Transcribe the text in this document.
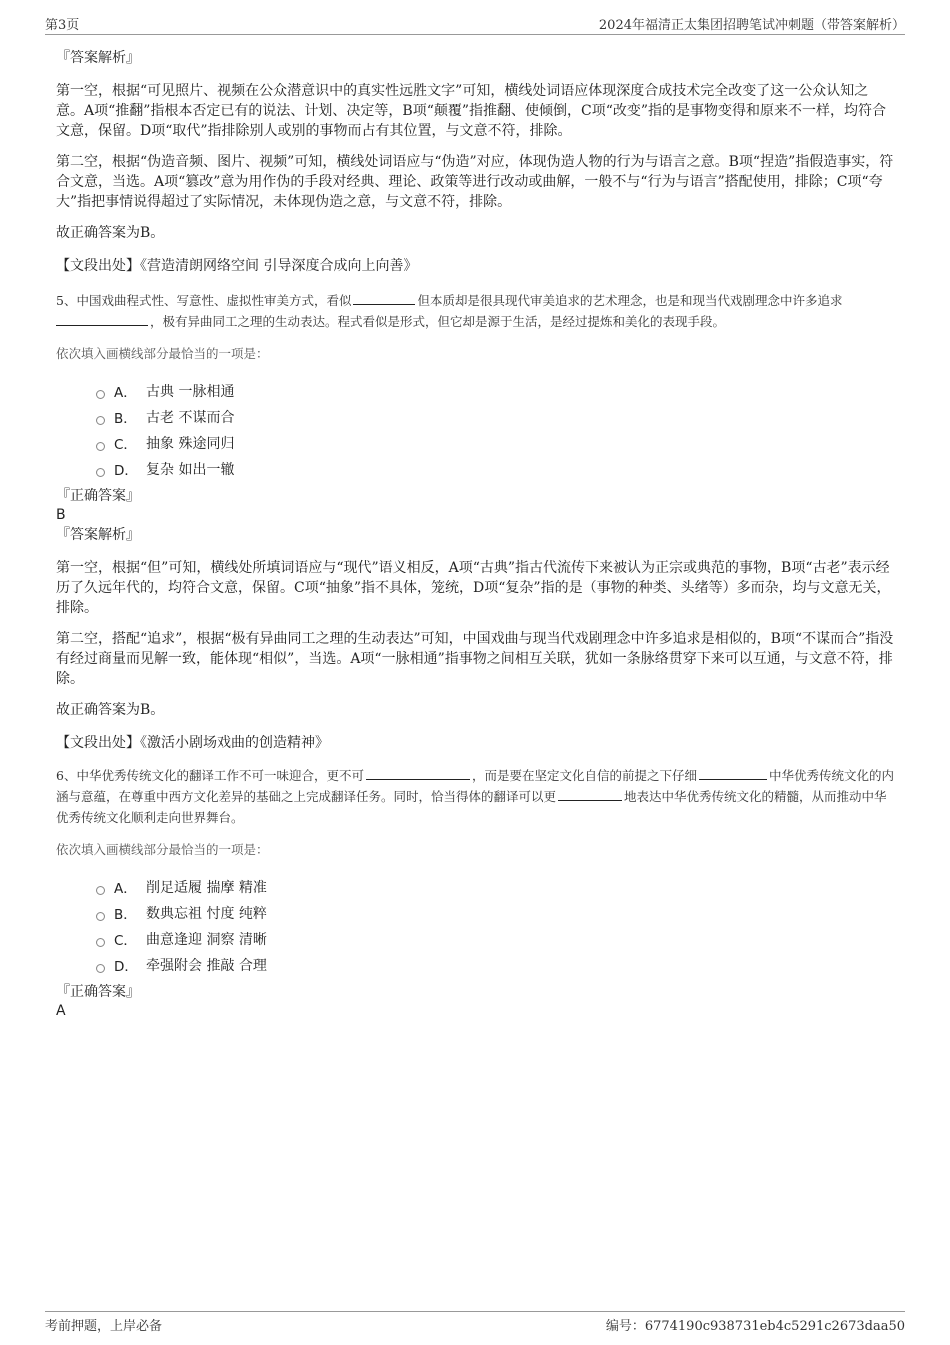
第3页	2024年福清正太集团招聘笔试冲刺题（带答案解析）

『答案解析』

第一空，根据“可见照片、视频在公众潜意识中的真实性远胜文字”可知，横线处词语应体现深度合成技术完全改变了这一公众认知之意。A项“推翻”指根本否定已有的说法、计划、决定等，B项“颠覆”指推翻、使倾倒，C项“改变”指的是事物变得和原来不一样，均符合文意，保留。D项“取代”指排除别人或别的事物而占有其位置，与文意不符，排除。

第二空，根据“伪造音频、图片、视频”可知，横线处词语应与“伪造”对应，体现伪造人物的行为与语言之意。B项“捏造”指假造事实，符合文意，当选。A项“篡改”意为用作伪的手段对经典、理论、政策等进行改动或曲解，一般不与“行为与语言”搭配使用，排除；C项“夸大”指把事情说得超过了实际情况，未体现伪造之意，与文意不符，排除。

故正确答案为B。

【文段出处】《营造清朗网络空间 引导深度合成向上向善》

5、中国戏曲程式性、写意性、虚拟性审美方式，看似	但本质却是很具现代审美追求的艺术理念，也是和现当代戏剧理念中许多追求
，极有异曲同工之理的生动表达。程式看似是形式，但它却是源于生活，是经过提炼和美化的表现手段。

依次填入画横线部分最恰当的一项是：

A． 古典 一脉相通
B． 古老 不谋而合
C． 抽象 殊途同归
D． 复杂 如出一辙

『正确答案』

B

『答案解析』

第一空，根据“但”可知，横线处所填词语应与“现代”语义相反，A项“古典”指古代流传下来被认为正宗或典范的事物，B项“古老”表示经历了久远年代的，均符合文意，保留。C项“抽象”指不具体，笼统，D项“复杂”指的是（事物的种类、头绪等）多而杂，均与文意无关，排除。

第二空，搭配“追求”，根据“极有异曲同工之理的生动表达”可知，中国戏曲与现当代戏剧理念中许多追求是相似的，B项“不谋而合”指没有经过商量而见解一致，能体现“相似”，当选。A项“一脉相通”指事物之间相互关联，犹如一条脉络贯穿下来可以互通，与文意不符，排除。

故正确答案为B。

【文段出处】《激活小剧场戏曲的创造精神》

6、中华优秀传统文化的翻译工作不可一味迎合，更不可	，而是要在坚定文化自信的前提之下仔细	中华优秀传统文化的内涵与意蕴，在尊重中西方文化差异的基础之上完成翻译任务。同时，恰当得体的翻译可以更	地表达中华优秀传统文化的精髓，从而推动中华优秀传统文化顺利走向世界舞台。

依次填入画横线部分最恰当的一项是：

A． 削足适履 揣摩 精准
B． 数典忘祖 忖度 纯粹
C． 曲意逢迎 洞察 清晰
D． 牵强附会 推敲 合理

『正确答案』

A

考前押题，上岸必备	编号：6774190c938731eb4c5291c2673daa50
